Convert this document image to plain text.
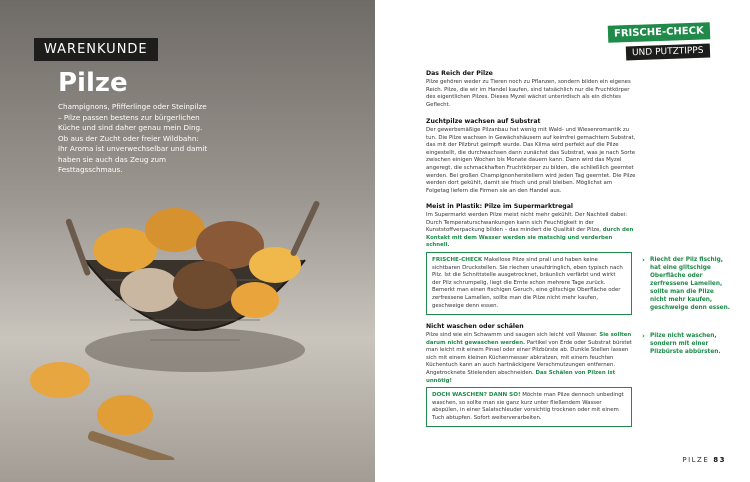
WARENKUNDE
Pilze
Champignons, Pfifferlinge oder Steinpilze – Pilze passen bestens zur bürgerlichen Küche und sind daher genau mein Ding. Ob aus der Zucht oder freier Wildbahn: Ihr Aroma ist unverwechselbar und damit haben sie auch das Zeug zum Festtagsschmaus.
FRISCHE-CHECK
UND PUTZTIPPS
Das Reich der Pilze

Pilze gehören weder zu Tieren noch zu Pflanzen, sondern bilden ein eigenes Reich. Pilze, die wir im Handel kaufen, sind tatsächlich nur die Fruchtkörper des eigentlichen Pilzes. Dieses Myzel wächst unterirdisch als ein dichtes Geflecht.

Zuchtpilze wachsen auf Substrat

Der gewerbsmäßige Pilzanbau hat wenig mit Wald- und Wiesenromantik zu tun. Die Pilze wachsen in Gewächshäusern auf keimfrei gemachtem Substrat, das mit der Pilzbrut geimpft wurde. Das Klima wird perfekt auf die Pilze eingestellt, die durchwachsen dann zunächst das Substrat, was je nach Sorte zwischen einigen Wochen bis Monate dauern kann. Dann wird das Myzel angeregt, die schmackhaften Fruchtkörper zu bilden, die schließlich geerntet werden. Bei großen Champignonherstellern wird jeden Tag geerntet. Die Pilze werden dort gekühlt, damit sie frisch und prall bleiben. Möglichst am Folgetag liefern die Firmen sie an den Handel aus.

Meist in Plastik: Pilze im Supermarktregal

Im Supermarkt werden Pilze meist nicht mehr gekühlt. Der Nachteil dabei: Durch Temperaturschwankungen kann sich Feuchtigkeit in der Kunststoffverpackung bilden – das mindert die Qualität der Pilze, durch den Kontakt mit dem Wasser werden sie matschig und verderben schnell.

FRISCHE-CHECK Makellose Pilze sind prall und haben keine sichtbaren Druckstellen. Sie riechen unaufdringlich, eben typisch nach Pilz. Ist die Schnittstelle ausgetrocknet, bräunlich verfärbt und wirkt der Pilz schrumpelig, liegt die Ernte schon mehrere Tage zurück. Bemerkt man einen fischigen Geruch, eine glitschige Oberfläche oder zerfressene Lamellen, sollte man die Pilze nicht mehr kaufen, geschweige denn essen.
› Riecht der Pilz fischig, hat eine glitschige Oberfläche oder zerfressene Lamellen, sollte man die Pilze nicht mehr kaufen, geschweige denn essen.
Nicht waschen oder schälen

Pilze sind wie ein Schwamm und saugen sich leicht voll Wasser. Sie sollten darum nicht gewaschen werden. Partikel von Erde oder Substrat bürstet man leicht mit einem Pinsel oder einer Pilzbürste ab. Dunkle Stellen lassen sich mit einem kleinen Küchenmesser abkratzen, mit einem feuchten Küchentuch kann an auch hartnäckigere Verschmutzungen entfernen. Angetrocknete Stielenden abschneiden. Das Schälen von Pilzen ist unnötig!

› Pilze nicht waschen, sondern mit einer Pilzbürste abbürsten.
DOCH WASCHEN? DANN SO! Möchte man Pilze dennoch unbedingt waschen, so sollte man sie ganz kurz unter fließendem Wasser abspülen, in einer Salatschleuder vorsichtig trocknen oder mit einem Tuch abtupfen. Sofort weiterverarbeiten.
PILZE 83
